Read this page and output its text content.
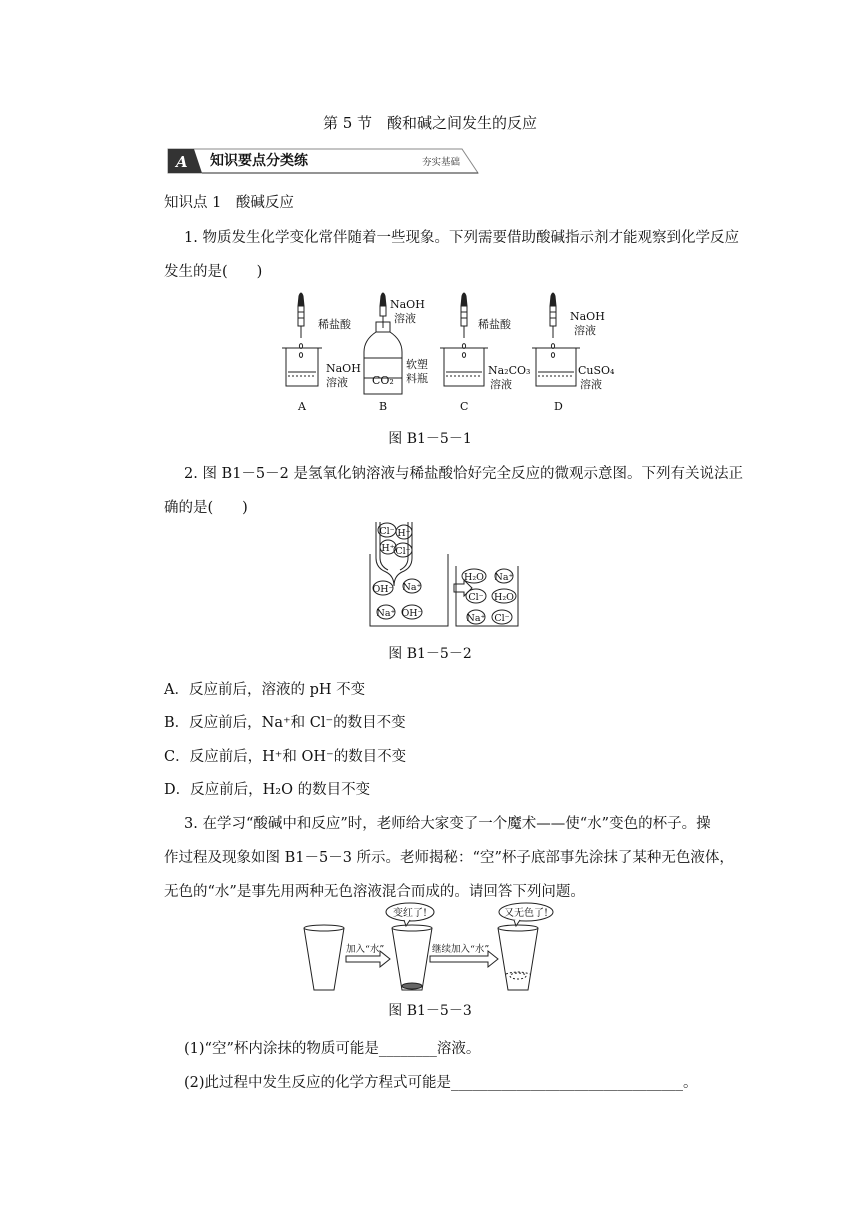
第 5 节　酸和碱之间发生的反应
A 知识要点分类练	夯实基础
知识点 1　酸碱反应
1. 物质发生化学变化常伴随着一些现象。下列需要借助酸碱指示剂才能观察到化学反应
发生的是(　　)
稀盐酸
NaOH
溶液
A
NaOH
溶液
CO₂
软塑
料瓶
B
稀盐酸
Na₂CO₃
溶液
C
NaOH
溶液
CuSO₄
溶液
D
图 B1－5－1
2. 图 B1－5－2 是氢氧化钠溶液与稀盐酸恰好完全反应的微观示意图。下列有关说法正
确的是(　　)
Cl⁻ H⁺
H⁺ Cl⁻
OH⁻ Na⁺
Na⁺ OH⁻
H₂O Na⁺
Cl⁻ H₂O
Na⁺ Cl⁻
图 B1－5－2
A．反应前后，溶液的 pH 不变
B．反应前后，Na⁺和 Cl⁻的数目不变
C．反应前后，H⁺和 OH⁻的数目不变
D．反应前后，H₂O 的数目不变
3. 在学习“酸碱中和反应”时，老师给大家变了一个魔术——使“水”变色的杯子。操
作过程及现象如图 B1－5－3 所示。老师揭秘：“空”杯子底部事先涂抹了某种无色液体，
无色的“水”是事先用两种无色溶液混合而成的。请回答下列问题。
变红了!	又无色了!
加入“水”	继续加入“水”
图 B1－5－3
(1)“空”杯内涂抹的物质可能是________溶液。
(2)此过程中发生反应的化学方程式可能是________________________________。
